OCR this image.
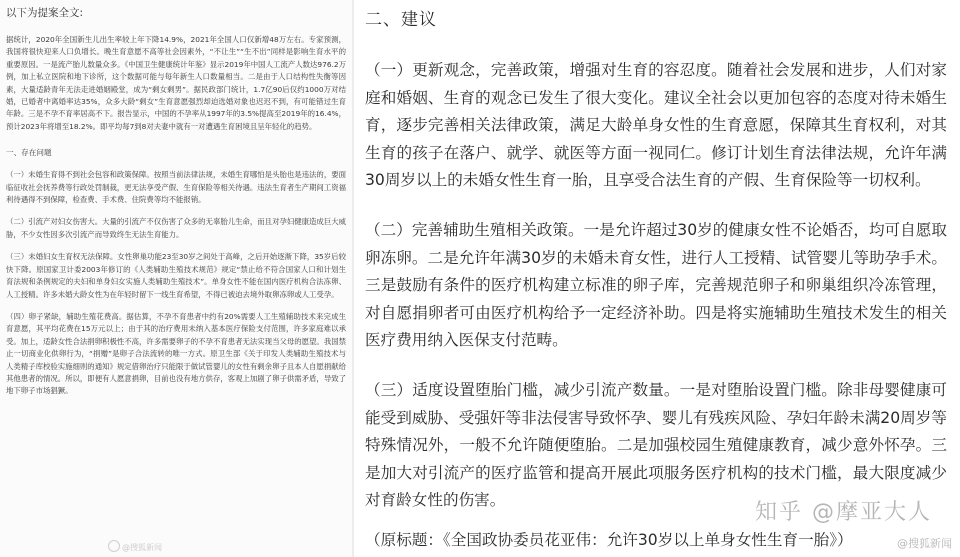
以下为提案全文:

据统计，2020年全国新生儿出生率较上年下降14.9%，2021年全国人口仅新增48万左右。专家预测，我国将很快迎来人口负增长。晚生育意愿不高等社会因素外，“不让生”“生不出”同样是影响生育水平的重要原因。一是流产胎儿数量众多。《中国卫生健康统计年鉴》显示2019年中国人工流产人数达976.2万例，加上私立医院和地下诊所，这个数据可能与每年新生人口数量相当。二是由于人口结构性失衡等因素，大量适龄青年无法走进婚姻殿堂，成为“剩女剩男”。据民政部门统计，1.7亿90后仅约1000万对结婚，已婚者中离婚率达35%，众多大龄“剩女”生育意愿强烈却迫选婚对象也迟迟不到，有可能错过生育年龄。三是不孕不育率居高不下。报告显示，中国的不孕率从1997年的3.5%提高至2019年的16.4%，预计2023年将增至18.2%。即平均每7到8对夫妻中就有一对遭遇生育困境且呈年轻化的趋势。

一、存在问题

（一）未婚生育得不到社会包容和政策保障。按照当前法律法规，未婚生育哪怕是头胎也是违法的，要面临征收社会抚养费等行政处罚制裁，更无法享受产假、生育保险等相关待遇。违法生育者生产期间工资福利待遇得不到保障，检查费、手术费、住院费等均不能报销。

（二）引流产对妇女伤害大。大量的引流产不仅伤害了众多的无辜胎儿生命，而且对孕妇健康造成巨大威胁，不少女性因多次引流产而导致终生无法生育能力。

（三）未婚妇女生育权无法保障。女性卵巢功能23至30岁之间处于高峰，之后开始逐渐下降，35岁后较快下降。原国家卫计委2003年修订的《人类辅助生殖技术规范》规定“禁止给不符合国家人口和计划生育法规和条例规定的夫妇和单身妇女实施人类辅助生殖技术”。单身女性不能在国内医疗机构合法冻卵、人工授精。许多未婚大龄女性为在年轻时留下一线生育希望，不得已被迫去境外取卵冻卵或人工受孕。

（四）卵子紧缺，辅助生殖花费高。据估算，不孕不育患者中约有20%需要人工生殖辅助技术来完成生育意愿，其平均花费在15万元以上；由于其的治疗费用未纳入基本医疗保险支付范围，许多家庭难以承受。加上，适龄女性合法捐卵积极性不高，许多需要卵子的不孕不育患者无法实现当父母的愿望。我国禁止一切商业化供卵行为，“捐赠”是卵子合法流转的唯一方式。原卫生部《关于印发人类辅助生殖技术与人类精子库校验实施细则的通知》规定借卵治疗只能限于做试管婴儿的女性有剩余卵子且本人自愿捐献给其他患者的情况。所以，即便有人愿意捐卵，目前也没有地方供存，客观上加剧了卵子供需矛盾，导致了地下卵子市场猖獗。

@搜狐新闻
二、建议

（一）更新观念，完善政策，增强对生育的容忍度。随着社会发展和进步，人们对家庭和婚姻、生育的观念已发生了很大变化。建议全社会以更加包容的态度对待未婚生育，逐步完善相关法律政策，满足大龄单身女性的生育意愿，保障其生育权利，对其生育的孩子在落户、就学、就医等方面一视同仁。修订计划生育法律法规，允许年满30周岁以上的未婚女性生育一胎，且享受合法生育的产假、生育保险等一切权利。

（二）完善辅助生殖相关政策。一是允许超过30岁的健康女性不论婚否，均可自愿取卵冻卵。二是允许年满30岁的未婚未育女性，进行人工授精、试管婴儿等助孕手术。三是鼓励有条件的医疗机构建立标准的卵子库，完善规范卵子和卵巢组织冷冻管理，对自愿捐卵者可由医疗机构给予一定经济补助。四是将实施辅助生殖技术发生的相关医疗费用纳入医保支付范畴。

（三）适度设置堕胎门槛，减少引流产数量。一是对堕胎设置门槛。除非母婴健康可能受到威胁、受强奸等非法侵害导致怀孕、婴儿有残疾风险、孕妇年龄未满20周岁等特殊情况外，一般不允许随便堕胎。二是加强校园生殖健康教育，减少意外怀孕。三是加大对引流产的医疗监管和提高开展此项服务医疗机构的技术门槛，最大限度减少对育龄女性的伤害。

（原标题：《全国政协委员花亚伟：允许30岁以上单身女性生育一胎》）
知乎 @摩亚大人
@搜狐新闻
